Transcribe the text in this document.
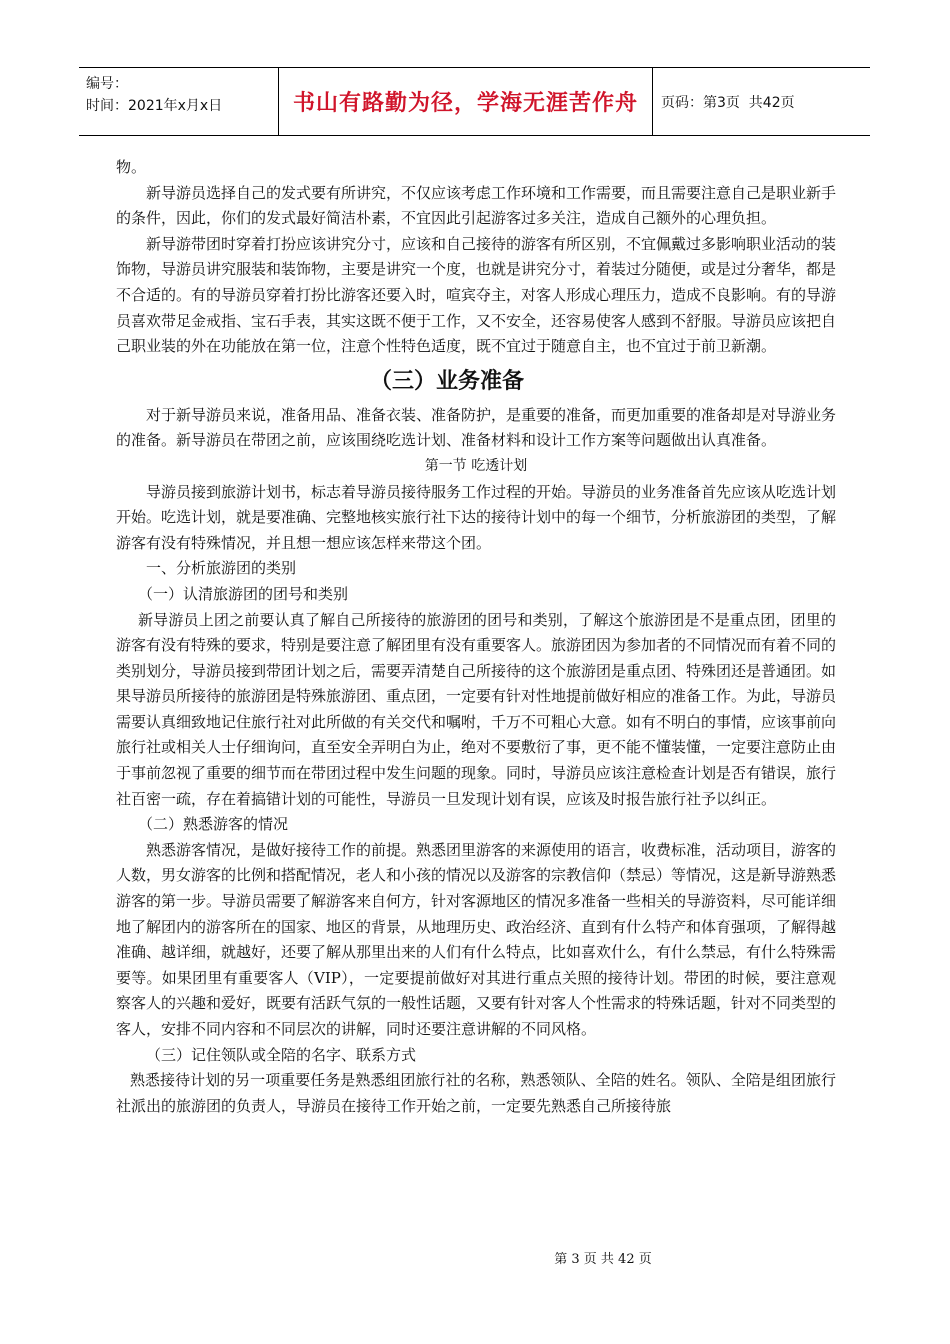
编号：
时间：2021年x月x日	书山有路勤为径，学海无涯苦作舟	页码：第3页  共42页

物。

新导游员选择自己的发式要有所讲究，不仅应该考虑工作环境和工作需要，而且需要注意自己是职业新手的条件，因此，你们的发式最好简洁朴素，不宜因此引起游客过多关注，造成自己额外的心理负担。

新导游带团时穿着打扮应该讲究分寸，应该和自己接待的游客有所区别，不宜佩戴过多影响职业活动的装饰物，导游员讲究服装和装饰物，主要是讲究一个度，也就是讲究分寸，着装过分随便，或是过分奢华，都是不合适的。有的导游员穿着打扮比游客还要入时，喧宾夺主，对客人形成心理压力，造成不良影响。有的导游员喜欢带足金戒指、宝石手表，其实这既不便于工作，又不安全，还容易使客人感到不舒服。导游员应该把自己职业装的外在功能放在第一位，注意个性特色适度，既不宜过于随意自主，也不宜过于前卫新潮。

（三）业务准备

对于新导游员来说，准备用品、准备衣装、准备防护，是重要的准备，而更加重要的准备却是对导游业务的准备。新导游员在带团之前，应该围绕吃选计划、准备材料和设计工作方案等问题做出认真准备。

第一节 吃透计划

导游员接到旅游计划书，标志着导游员接待服务工作过程的开始。导游员的业务准备首先应该从吃选计划开始。吃选计划，就是要准确、完整地核实旅行社下达的接待计划中的每一个细节，分析旅游团的类型，了解游客有没有特殊情况，并且想一想应该怎样来带这个团。

一、分析旅游团的类别

（一）认清旅游团的团号和类别

新导游员上团之前要认真了解自己所接待的旅游团的团号和类别，了解这个旅游团是不是重点团，团里的游客有没有特殊的要求，特别是要注意了解团里有没有重要客人。旅游团因为参加者的不同情况而有着不同的类别划分，导游员接到带团计划之后，需要弄清楚自己所接待的这个旅游团是重点团、特殊团还是普通团。如果导游员所接待的旅游团是特殊旅游团、重点团，一定要有针对性地提前做好相应的准备工作。为此，导游员需要认真细致地记住旅行社对此所做的有关交代和嘱咐，千万不可粗心大意。如有不明白的事情，应该事前向旅行社或相关人士仔细询问，直至安全弄明白为止，绝对不要敷衍了事，更不能不懂装懂，一定要注意防止由于事前忽视了重要的细节而在带团过程中发生问题的现象。同时，导游员应该注意检查计划是否有错误，旅行社百密一疏，存在着搞错计划的可能性，导游员一旦发现计划有误，应该及时报告旅行社予以纠正。

（二）熟悉游客的情况

熟悉游客情况，是做好接待工作的前提。熟悉团里游客的来源使用的语言，收费标准，活动项目，游客的人数，男女游客的比例和搭配情况，老人和小孩的情况以及游客的宗教信仰（禁忌）等情况，这是新导游熟悉游客的第一步。导游员需要了解游客来自何方，针对客源地区的情况多准备一些相关的导游资料，尽可能详细地了解团内的游客所在的国家、地区的背景，从地理历史、政治经济、直到有什么特产和体育强项，了解得越准确、越详细，就越好，还要了解从那里出来的人们有什么特点，比如喜欢什么，有什么禁忌，有什么特殊需要等。如果团里有重要客人（VIP），一定要提前做好对其进行重点关照的接待计划。带团的时候，要注意观察客人的兴趣和爱好，既要有活跃气氛的一般性话题，又要有针对客人个性需求的特殊话题，针对不同类型的客人，安排不同内容和不同层次的讲解，同时还要注意讲解的不同风格。

（三）记住领队或全陪的名字、联系方式

熟悉接待计划的另一项重要任务是熟悉组团旅行社的名称，熟悉领队、全陪的姓名。领队、全陪是组团旅行社派出的旅游团的负责人，导游员在接待工作开始之前，一定要先熟悉自己所接待旅

第 3 页 共 42 页
